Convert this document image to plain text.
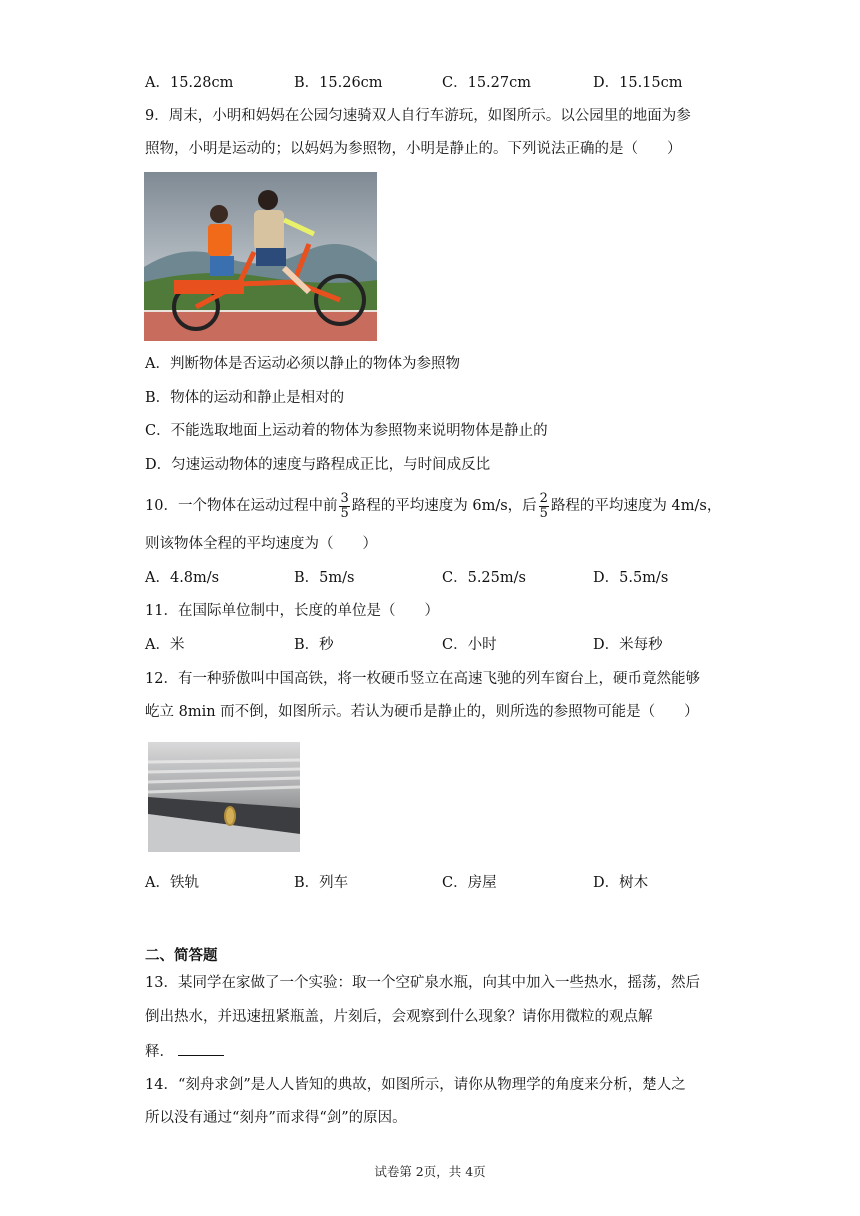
A．15.28cm	B．15.26cm	C．15.27cm	D．15.15cm
9．周末，小明和妈妈在公园匀速骑双人自行车游玩，如图所示。以公园里的地面为参
照物，小明是运动的；以妈妈为参照物，小明是静止的。下列说法正确的是（　　）
A．判断物体是否运动必须以静止的物体为参照物
B．物体的运动和静止是相对的
C．不能选取地面上运动着的物体为参照物来说明物体是静止的
D．匀速运动物体的速度与路程成正比，与时间成反比
10．一个物体在运动过程中前 $\frac{3}{5}$ 路程的平均速度为 6m/s，后 $\frac{2}{5}$ 路程的平均速度为 4m/s，
则该物体全程的平均速度为（　　）
A．4.8m/s	B．5m/s	C．5.25m/s	D．5.5m/s
11．在国际单位制中，长度的单位是（　　）
A．米	B．秒	C．小时	D．米每秒
12．有一种骄傲叫中国高铁，将一枚硬币竖立在高速飞驰的列车窗台上，硬币竟然能够
屹立 8min 而不倒，如图所示。若认为硬币是静止的，则所选的参照物可能是（　　）
A．铁轨	B．列车	C．房屋	D．树木
二、简答题
13．某同学在家做了一个实验：取一个空矿泉水瓶，向其中加入一些热水，摇荡，然后
倒出热水，并迅速扭紧瓶盖，片刻后，会观察到什么现象？请你用微粒的观点解
释．
14．“刻舟求剑”是人人皆知的典故，如图所示，请你从物理学的角度来分析，楚人之
所以没有通过“刻舟”而求得“剑”的原因。
试卷第 2页，共 4页
